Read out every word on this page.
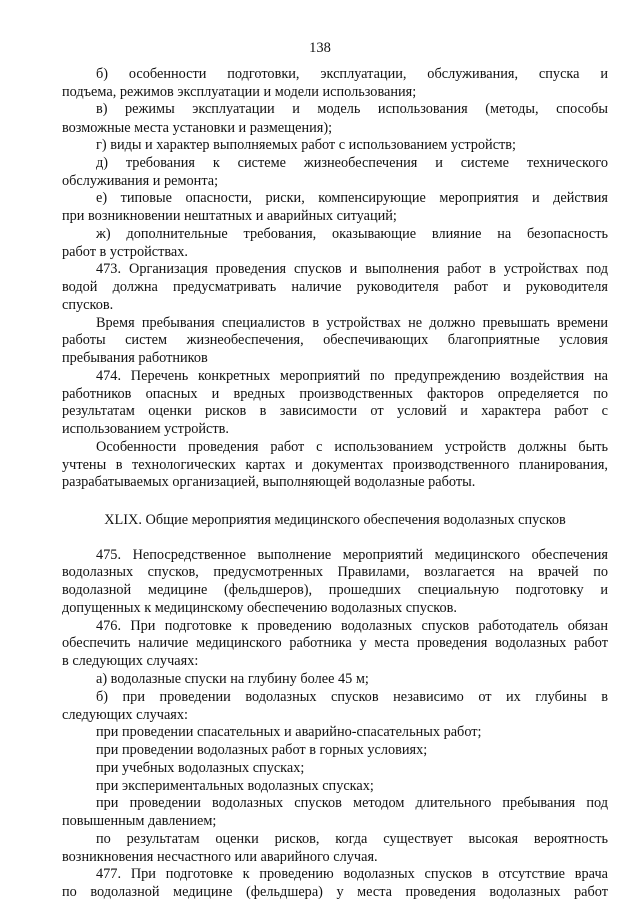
138
б) особенности подготовки, эксплуатации, обслуживания, спуска и
подъема, режимов эксплуатации и модели использования;
в) режимы эксплуатации и модель использования (методы, способы
возможные места установки и размещения);
г) виды и характер выполняемых работ с использованием устройств;
д) требования к системе жизнеобеспечения и системе технического
обслуживания и ремонта;
е) типовые опасности, риски, компенсирующие мероприятия и действия
при возникновении нештатных и аварийных ситуаций;
ж) дополнительные требования, оказывающие влияние на безопасность
работ в устройствах.
473. Организация проведения спусков и выполнения работ в устройствах под
водой должна предусматривать наличие руководителя работ и руководителя
спусков.
Время пребывания специалистов в устройствах не должно превышать времени
работы систем жизнеобеспечения, обеспечивающих благоприятные условия
пребывания работников
474. Перечень конкретных мероприятий по предупреждению воздействия на
работников опасных и вредных производственных факторов определяется по
результатам оценки рисков в зависимости от условий и характера работ с
использованием устройств.
Особенности проведения работ с использованием устройств должны быть
учтены в технологических картах и документах производственного планирования,
разрабатываемых организацией, выполняющей водолазные работы.
XLIX. Общие мероприятия медицинского обеспечения водолазных спусков
475. Непосредственное выполнение мероприятий медицинского обеспечения
водолазных спусков, предусмотренных Правилами, возлагается на врачей по
водолазной медицине (фельдшеров), прошедших специальную подготовку и
допущенных к медицинскому обеспечению водолазных спусков.
476. При подготовке к проведению водолазных спусков работодатель обязан
обеспечить наличие медицинского работника у места проведения водолазных работ
в следующих случаях:
а) водолазные спуски на глубину более 45 м;
б) при проведении водолазных спусков независимо от их глубины в
следующих случаях:
при проведении спасательных и аварийно-спасательных работ;
при проведении водолазных работ в горных условиях;
при учебных водолазных спусках;
при экспериментальных водолазных спусках;
при проведении водолазных спусков методом длительного пребывания под
повышенным давлением;
по результатам оценки рисков, когда существует высокая вероятность
возникновения несчастного или аварийного случая.
477. При подготовке к проведению водолазных спусков в отсутствие врача
по водолазной медицине (фельдшера) у места проведения водолазных работ
